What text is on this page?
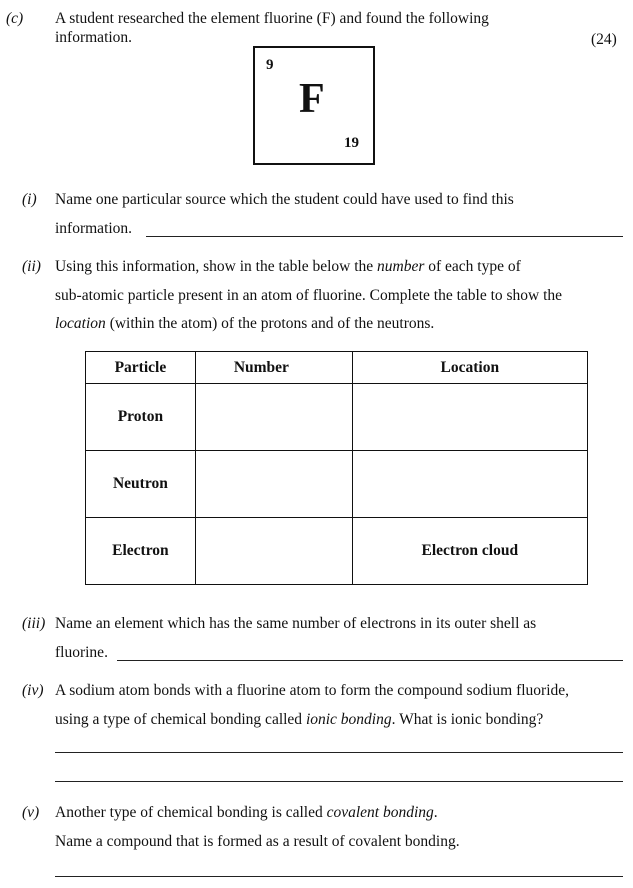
(c) A student researched the element fluorine (F) and found the following
information.	(24)
9
F
19
(i) Name one particular source which the student could have used to find this
information.
(ii) Using this information, show in the table below the number of each type of
sub-atomic particle present in an atom of fluorine. Complete the table to show the
location (within the atom) of the protons and of the neutrons.
Particle	Number	Location
Proton		
Neutron		
Electron		Electron cloud
(iii) Name an element which has the same number of electrons in its outer shell as
fluorine.
(iv) A sodium atom bonds with a fluorine atom to form the compound sodium fluoride,
using a type of chemical bonding called ionic bonding. What is ionic bonding?
(v) Another type of chemical bonding is called covalent bonding.
Name a compound that is formed as a result of covalent bonding.
